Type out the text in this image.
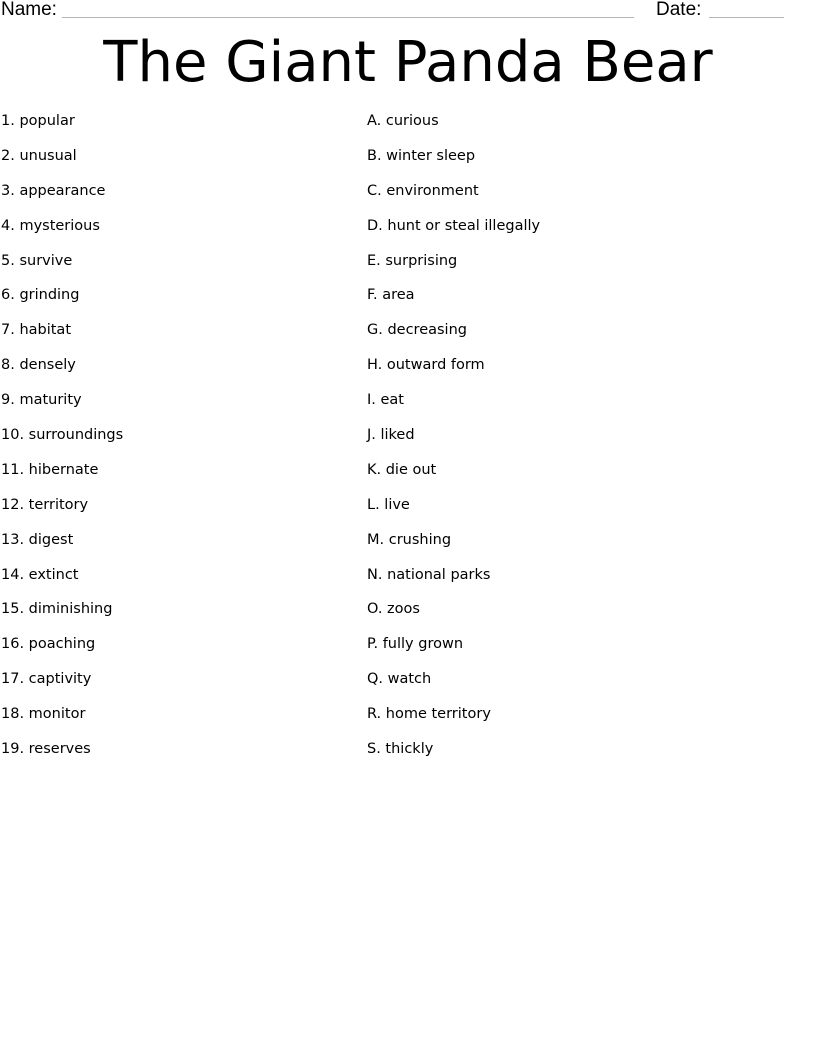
Name:	Date:
The Giant Panda Bear
1. popular
2. unusual
3. appearance
4. mysterious
5. survive
6. grinding
7. habitat
8. densely
9. maturity
10. surroundings
11. hibernate
12. territory
13. digest
14. extinct
15. diminishing
16. poaching
17. captivity
18. monitor
19. reserves
A. curious
B. winter sleep
C. environment
D. hunt or steal illegally
E. surprising
F. area
G. decreasing
H. outward form
I. eat
J. liked
K. die out
L. live
M. crushing
N. national parks
O. zoos
P. fully grown
Q. watch
R. home territory
S. thickly
